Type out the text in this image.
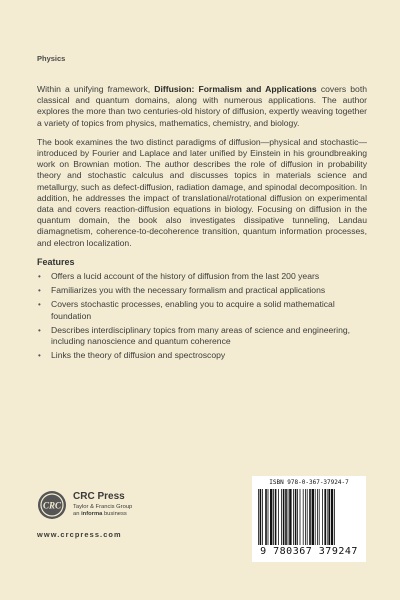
Physics

Within a unifying framework, Diffusion: Formalism and Applications covers both classical and quantum domains, along with numerous applications. The author explores the more than two centuries-old history of diffusion, expertly weaving together a variety of topics from physics, mathematics, chemistry, and biology.

The book examines the two distinct paradigms of diffusion—physical and stochastic—introduced by Fourier and Laplace and later unified by Einstein in his groundbreaking work on Brownian motion. The author describes the role of diffusion in probability theory and stochastic calculus and discusses topics in materials science and metallurgy, such as defect-diffusion, radiation damage, and spinodal decomposition. In addition, he addresses the impact of translational/rotational diffusion on experimental data and covers reaction-diffusion equations in biology. Focusing on diffusion in the quantum domain, the book also investigates dissipative tunneling, Landau diamagnetism, coherence-to-decoherence transition, quantum information processes, and electron localization.

Features
• Offers a lucid account of the history of diffusion from the last 200 years
• Familiarizes you with the necessary formalism and practical applications
• Covers stochastic processes, enabling you to acquire a solid mathematical foundation
• Describes interdisciplinary topics from many areas of science and engineering, including nanoscience and quantum coherence
• Links the theory of diffusion and spectroscopy
CRC
CRC Press
Taylor & Francis Group
an informa business
www.crcpress.com
ISBN 978-0-367-37924-7
9 780367 379247
